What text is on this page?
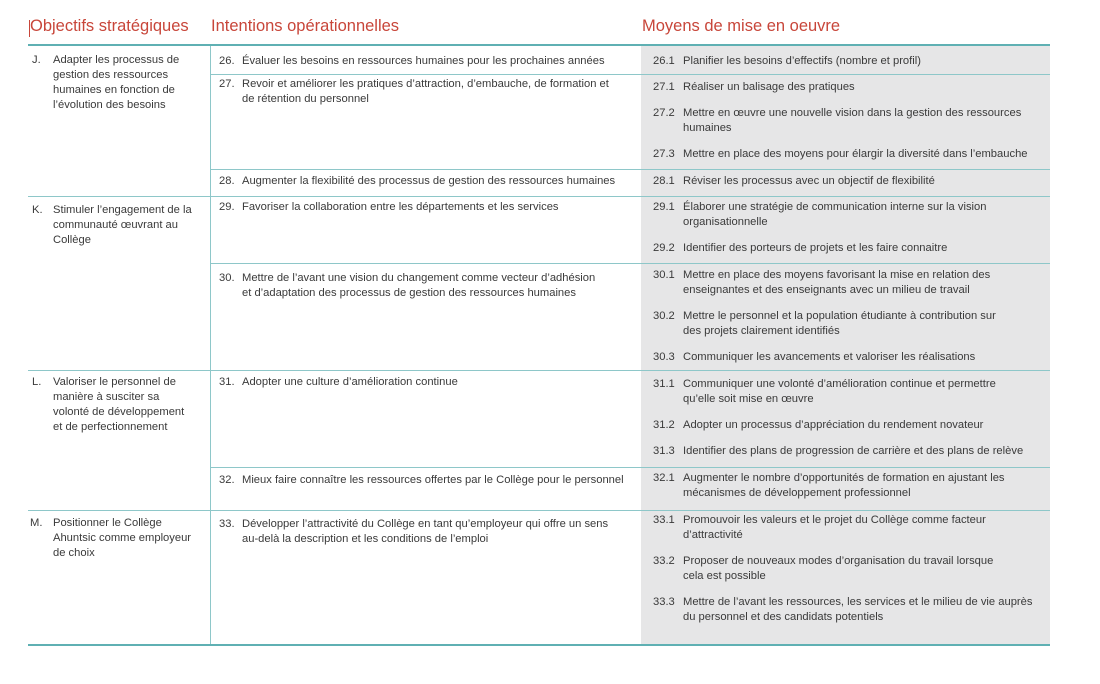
Objectifs stratégiques Intentions opérationnelles	Moyens de mise en oeuvre
J. Adapter les processus de gestion des ressources humaines en fonction de l’évolution des besoins
K. Stimuler l’engagement de la communauté œuvrant au Collège
L. Valoriser le personnel de manière à susciter sa volonté de développement et de perfectionnement
M. Positionner le Collège Ahuntsic comme employeur de choix
26. Évaluer les besoins en ressources humaines pour les prochaines années
27. Revoir et améliorer les pratiques d’attraction, d’embauche, de formation et de rétention du personnel
28. Augmenter la flexibilité des processus de gestion des ressources humaines
29. Favoriser la collaboration entre les départements et les services
30. Mettre de l’avant une vision du changement comme vecteur d’adhésion et d’adaptation des processus de gestion des ressources humaines
31. Adopter une culture d’amélioration continue
32. Mieux faire connaître les ressources offertes par le Collège pour le personnel
33. Développer l’attractivité du Collège en tant qu’employeur qui offre un sens au-delà la description et les conditions de l’emploi
26.1 Planifier les besoins d’effectifs (nombre et profil)
27.1 Réaliser un balisage des pratiques
27.2 Mettre en œuvre une nouvelle vision dans la gestion des ressources humaines
27.3 Mettre en place des moyens pour élargir la diversité dans l’embauche
28.1 Réviser les processus avec un objectif de flexibilité
29.1 Élaborer une stratégie de communication interne sur la vision organisationnelle
29.2 Identifier des porteurs de projets et les faire connaitre
30.1 Mettre en place des moyens favorisant la mise en relation des enseignantes et des enseignants avec un milieu de travail
30.2 Mettre le personnel et la population étudiante à contribution sur des projets clairement identifiés
30.3 Communiquer les avancements et valoriser les réalisations
31.1 Communiquer une volonté d’amélioration continue et permettre qu’elle soit mise en œuvre
31.2 Adopter un processus d’appréciation du rendement novateur
31.3 Identifier des plans de progression de carrière et des plans de relève
32.1 Augmenter le nombre d’opportunités de formation en ajustant les mécanismes de développement professionnel
33.1 Promouvoir les valeurs et le projet du Collège comme facteur d’attractivité
33.2 Proposer de nouveaux modes d’organisation du travail lorsque cela est possible
33.3 Mettre de l’avant les ressources, les services et le milieu de vie auprès du personnel et des candidats potentiels
